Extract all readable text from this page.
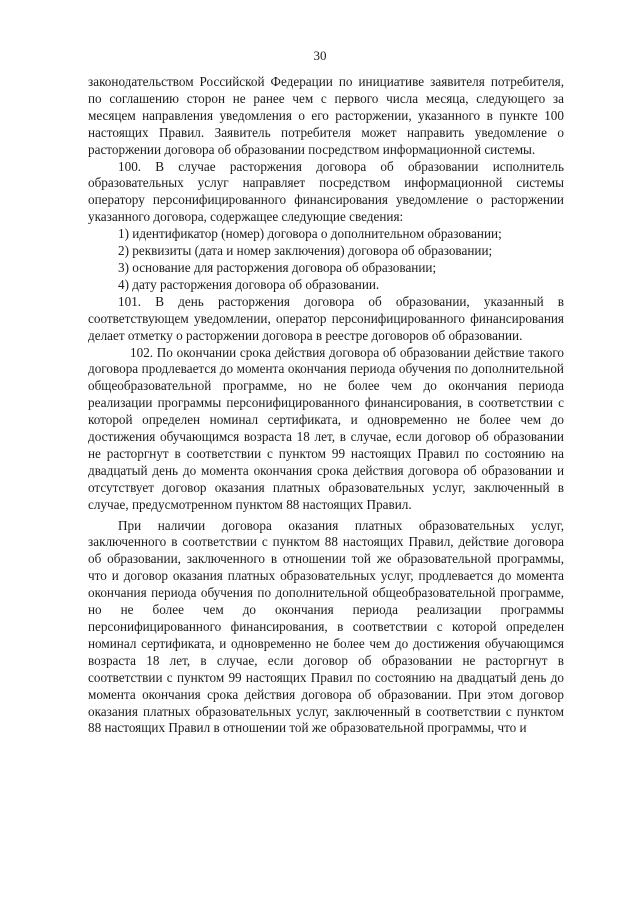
30

законодательством Российской Федерации по инициативе заявителя потребителя, по соглашению сторон не ранее чем с первого числа месяца, следующего за месяцем направления уведомления о его расторжении, указанного в пункте 100 настоящих Правил. Заявитель потребителя может направить уведомление о расторжении договора об образовании посредством информационной системы.

100. В случае расторжения договора об образовании исполнитель образовательных услуг направляет посредством информационной системы оператору персонифицированного финансирования уведомление о расторжении указанного договора, содержащее следующие сведения:

1) идентификатор (номер) договора о дополнительном образовании;

2) реквизиты (дата и номер заключения) договора об образовании;

3) основание для расторжения договора об образовании;

4) дату расторжения договора об образовании.

101. В день расторжения договора об образовании, указанный в соответствующем уведомлении, оператор персонифицированного финансирования делает отметку о расторжении договора в реестре договоров об образовании.

102. По окончании срока действия договора об образовании действие такого договора продлевается до момента окончания периода обучения по дополнительной общеобразовательной программе, но не более чем до окончания периода реализации программы персонифицированного финансирования, в соответствии с которой определен номинал сертификата, и одновременно не более чем до достижения обучающимся возраста 18 лет, в случае, если договор об образовании не расторгнут в соответствии с пунктом 99 настоящих Правил по состоянию на двадцатый день до момента окончания срока действия договора об образовании и отсутствует договор оказания платных образовательных услуг, заключенный в случае, предусмотренном пунктом 88 настоящих Правил.

При наличии договора оказания платных образовательных услуг, заключенного в соответствии с пунктом 88 настоящих Правил, действие договора об образовании, заключенного в отношении той же образовательной программы, что и договор оказания платных образовательных услуг, продлевается до момента окончания периода обучения по дополнительной общеобразовательной программе, но не более чем до окончания периода реализации программы персонифицированного финансирования, в соответствии с которой определен номинал сертификата, и одновременно не более чем до достижения обучающимся возраста 18 лет, в случае, если договор об образовании не расторгнут в соответствии с пунктом 99 настоящих Правил по состоянию на двадцатый день до момента окончания срока действия договора об образовании. При этом договор оказания платных образовательных услуг, заключенный в соответствии с пунктом 88 настоящих Правил в отношении той же образовательной программы, что и
